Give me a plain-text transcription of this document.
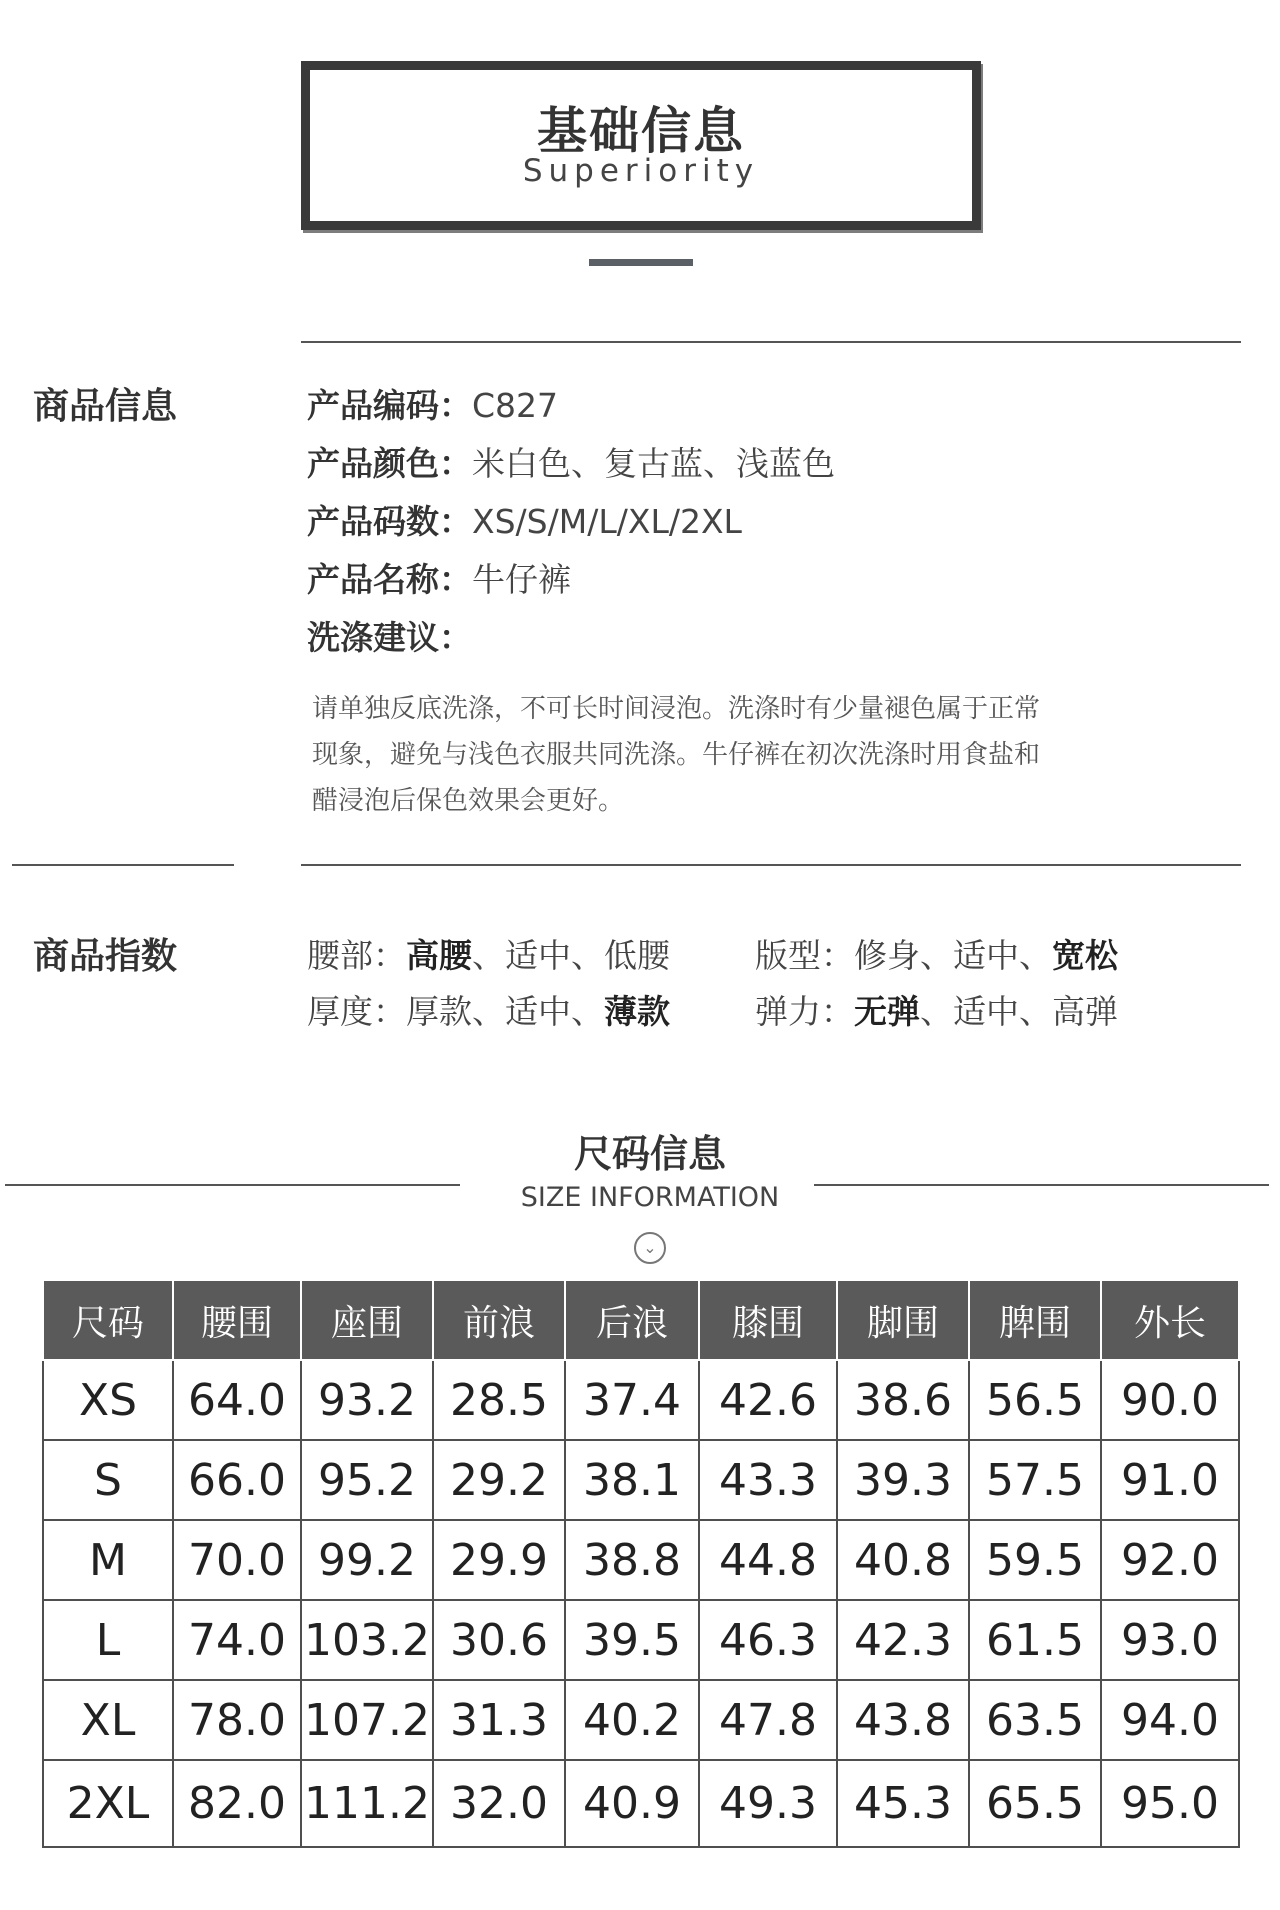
基础信息
Superiority
商品信息	产品编码：C827
产品颜色：米白色、复古蓝、浅蓝色
产品码数：XS/S/M/L/XL/2XL
产品名称：牛仔裤
洗涤建议：
请单独反底洗涤，不可长时间浸泡。洗涤时有少量褪色属于正常
现象，避免与浅色衣服共同洗涤。牛仔裤在初次洗涤时用食盐和
醋浸泡后保色效果会更好。
商品指数	腰部：高腰、适中、低腰	版型：修身、适中、宽松
厚度：厚款、适中、薄款	弹力：无弹、适中、高弹
尺码信息
SIZE INFORMATION
⌄
尺码	腰围	座围	前浪	后浪	膝围	脚围	脾围	外长
XS	64.0	93.2	28.5	37.4	42.6	38.6	56.5	90.0
S	66.0	95.2	29.2	38.1	43.3	39.3	57.5	91.0
M	70.0	99.2	29.9	38.8	44.8	40.8	59.5	92.0
L	74.0	103.2	30.6	39.5	46.3	42.3	61.5	93.0
XL	78.0	107.2	31.3	40.2	47.8	43.8	63.5	94.0
2XL	82.0	111.2	32.0	40.9	49.3	45.3	65.5	95.0
